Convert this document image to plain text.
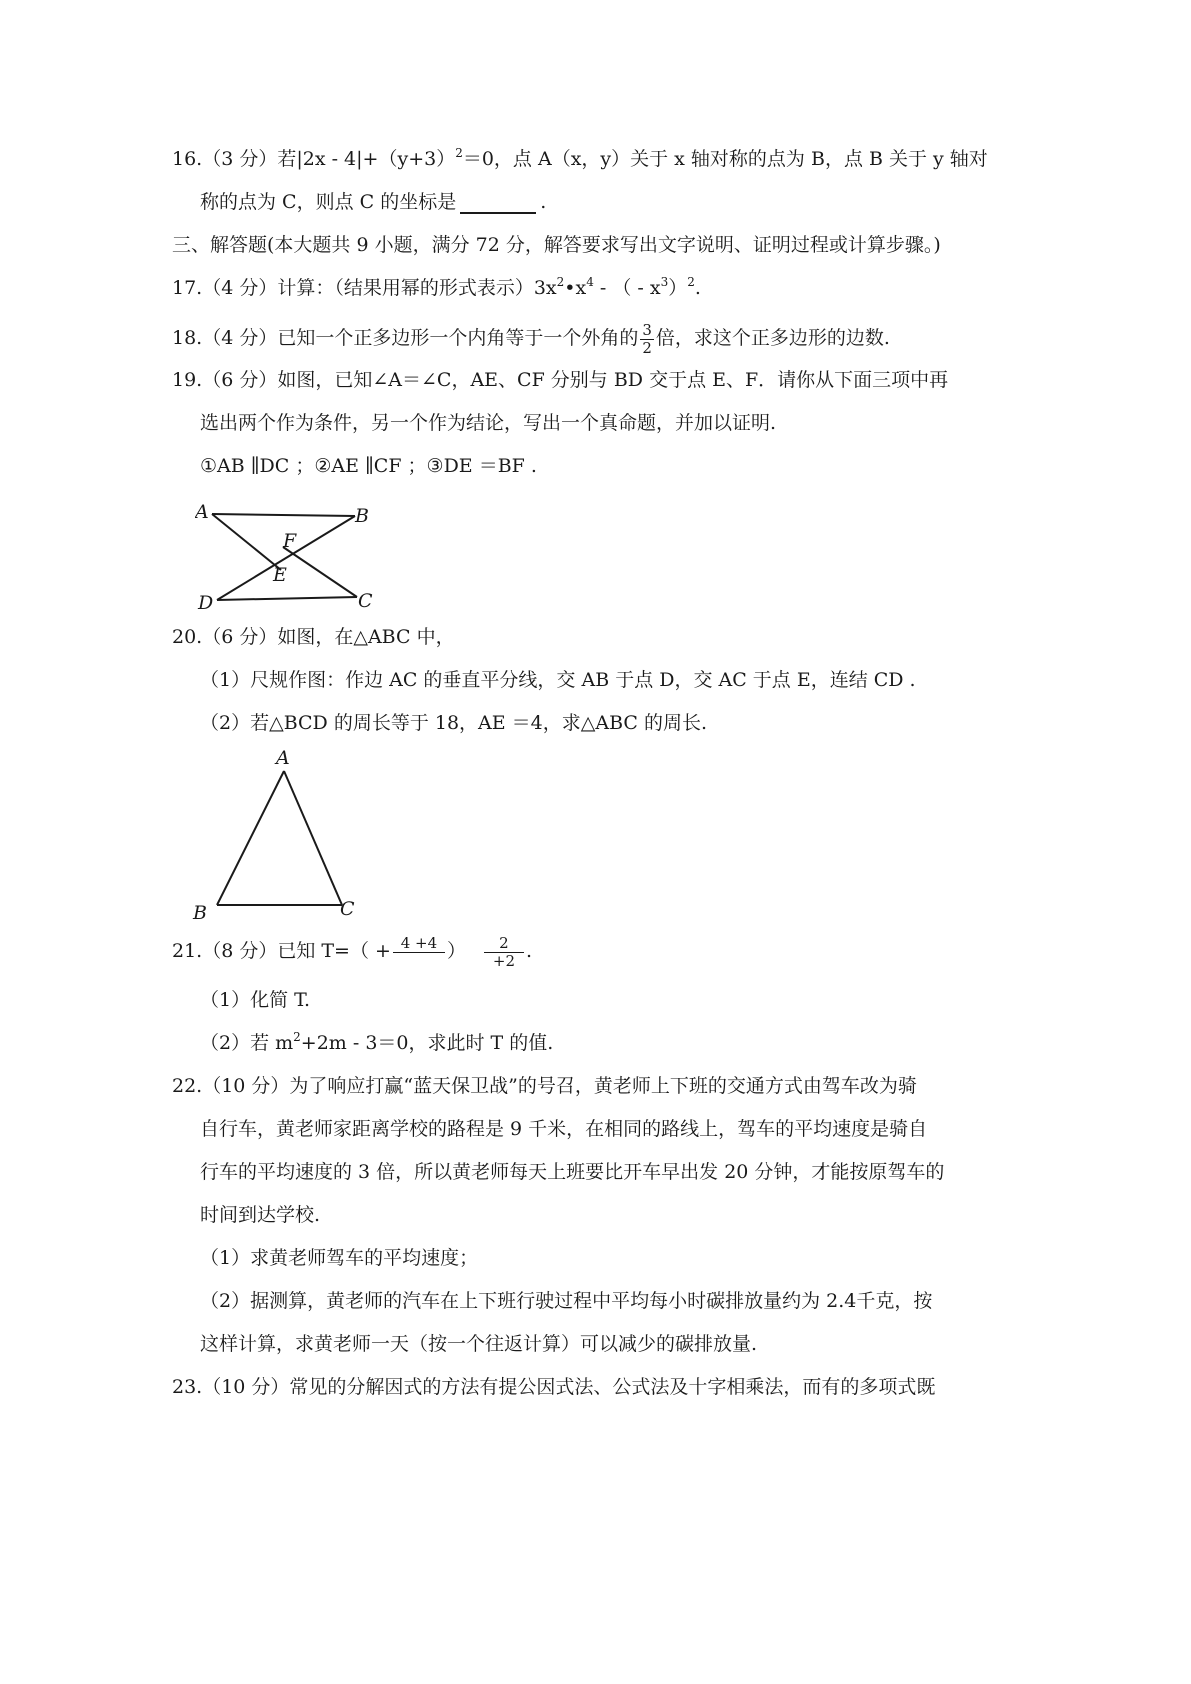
16.（3 分）若$|2x - 4|+(y+3)^2=0$，点 A（x，y）关于 x 轴对称的点为 B，点 B 关于 y 轴对
称的点为 C，则点 C 的坐标是	.
三、解答题(本大题共 9 小题，满分 72 分，解答要求写出文字说明、证明过程或计算步骤。)
17.（4 分）计算：（结果用幂的形式表示）$3x^2•x^4$ - （ - $x^3)^2$.
18.（4 分）已知一个正多边形一个内角等于一个外角的 $\frac{3}{2}$ 倍，求这个正多边形的边数.
19.（6 分）如图，已知∠A＝∠C，AE、CF 分别与 BD 交于点 E、F．请你从下面三项中再
选出两个作为条件，另一个作为结论，写出一个真命题，并加以证明.
①AB ∥DC ；②AE ∥CF ；③DE ＝BF .
A	B
F
E
D	C
20.（6 分）如图，在△ABC 中，
（1）尺规作图：作边 AC 的垂直平分线，交 AB 于点 D，交 AC 于点 E，连结 CD .
（2）若△BCD 的周长等于 18，AE ＝4，求△ABC 的周长.
A
B	C
21.（8 分）已知 T=（ + 4 +4
） $\frac{2}{+2}$ .
（1）化简 T.
（2）若 $m^2+2m - 3=0$，求此时 T 的值.
22.（10 分）为了响应打赢“蓝天保卫战”的号召，黄老师上下班的交通方式由驾车改为骑
自行车，黄老师家距离学校的路程是 9 千米，在相同的路线上，驾车的平均速度是骑自
行车的平均速度的 3 倍，所以黄老师每天上班要比开车早出发 20 分钟，才能按原驾车的
时间到达学校.
（1）求黄老师驾车的平均速度；
（2）据测算，黄老师的汽车在上下班行驶过程中平均每小时碳排放量约为 2.4千克，按
这样计算，求黄老师一天（按一个往返计算）可以减少的碳排放量.
23.（10 分）常见的分解因式的方法有提公因式法、公式法及十字相乘法，而有的多项式既
